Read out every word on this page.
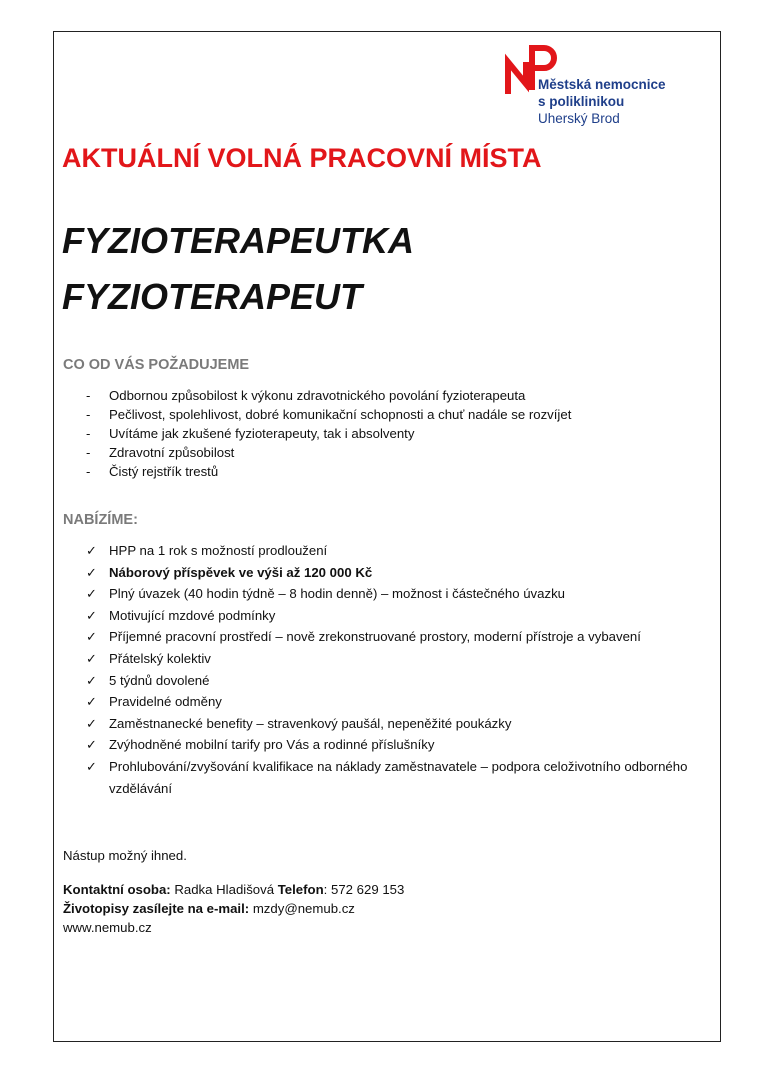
Městská nemocnice
s poliklinikou
Uherský Brod
AKTUÁLNÍ VOLNÁ PRACOVNÍ MÍSTA
FYZIOTERAPEUTKA
FYZIOTERAPEUT
CO OD VÁS POŽADUJEME
- Odbornou způsobilost k výkonu zdravotnického povolání fyzioterapeuta
- Pečlivost, spolehlivost, dobré komunikační schopnosti a chuť nadále se rozvíjet
- Uvítáme jak zkušené fyzioterapeuty, tak i absolventy
- Zdravotní způsobilost
- Čistý rejstřík trestů
NABÍZÍME:
✓ HPP na 1 rok s možností prodloužení
✓ Náborový příspěvek ve výši až 120 000 Kč
✓ Plný úvazek (40 hodin týdně – 8 hodin denně) – možnost i částečného úvazku
✓ Motivující mzdové podmínky
✓ Příjemné pracovní prostředí – nově zrekonstruované prostory, moderní přístroje a vybavení
✓ Přátelský kolektiv
✓ 5 týdnů dovolené
✓ Pravidelné odměny
✓ Zaměstnanecké benefity – stravenkový paušál, nepeněžité poukázky
✓ Zvýhodněné mobilní tarify pro Vás a rodinné příslušníky
✓ Prohlubování/zvyšování kvalifikace na náklady zaměstnavatele – podpora celoživotního odborného vzdělávání

Nástup možný ihned.

Kontaktní osoba: Radka Hladišová Telefon: 572 629 153

Životopisy zasílejte na e-mail: mzdy@nemub.cz

www.nemub.cz
